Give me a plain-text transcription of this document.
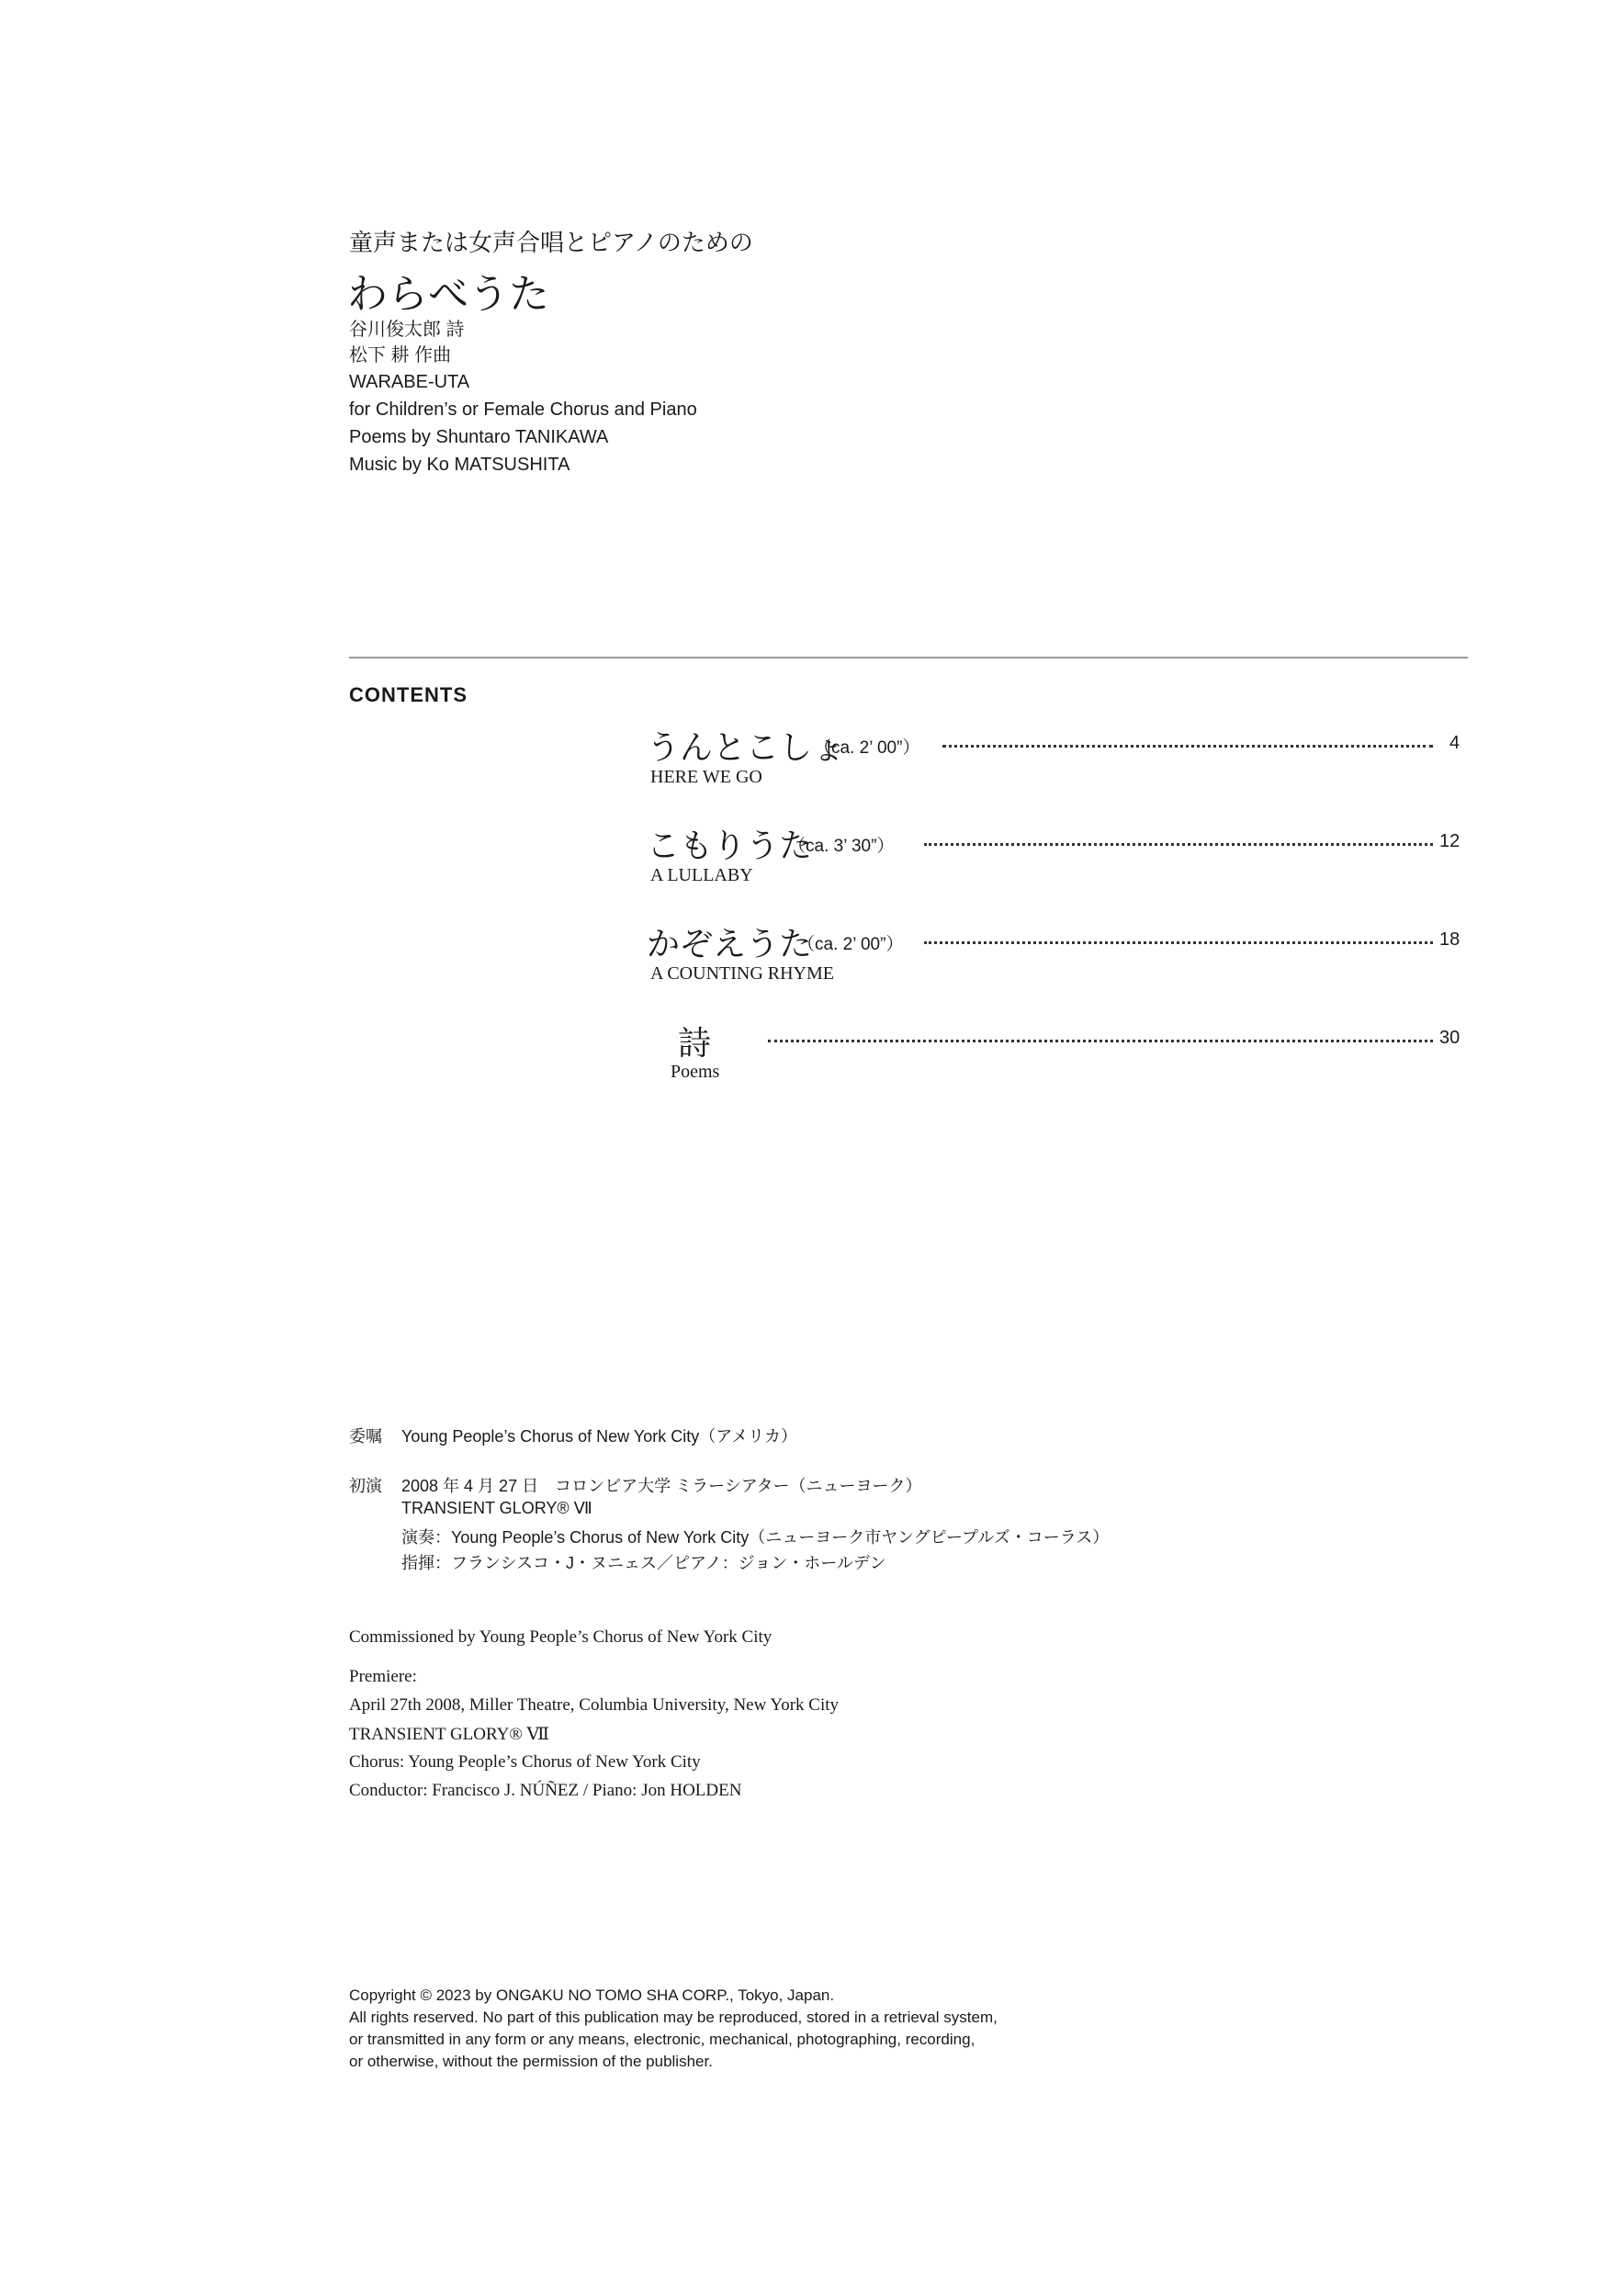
童声または女声合唱とピアノのための
わらべうた
谷川俊太郎 詩
松下 耕 作曲
WARABE-UTA
for Children’s or Female Chorus and Piano
Poems by Shuntaro TANIKAWA
Music by Ko MATSUSHITA
CONTENTS
うんとこしょ
（ca. 2’ 00”）	4
HERE WE GO
こもりうた
（ca. 3’ 30”）	12
A LULLABY
かぞえうた
（ca. 2’ 00”）	18
A COUNTING RHYME
詩	30
Poems
委嘱 Young People’s Chorus of New York City（アメリカ）
初演 2008 年 4 月 27 日　コロンビア大学 ミラーシアター（ニューヨーク）
TRANSIENT GLORY® Ⅶ
演奏：Young People’s Chorus of New York City（ニューヨーク市ヤングピープルズ・コーラス）
指揮：フランシスコ・J・ヌニェス／ピアノ：ジョン・ホールデン
Commissioned by Young People’s Chorus of New York City
Premiere:
April 27th 2008, Miller Theatre, Columbia University, New York City
TRANSIENT GLORY® Ⅶ
Chorus: Young People’s Chorus of New York City
Conductor: Francisco J. NÚÑEZ / Piano: Jon HOLDEN
Copyright © 2023 by ONGAKU NO TOMO SHA CORP., Tokyo, Japan.
All rights reserved. No part of this publication may be reproduced, stored in a retrieval system,
or transmitted in any form or any means, electronic, mechanical, photographing, recording,
or otherwise, without the permission of the publisher.
